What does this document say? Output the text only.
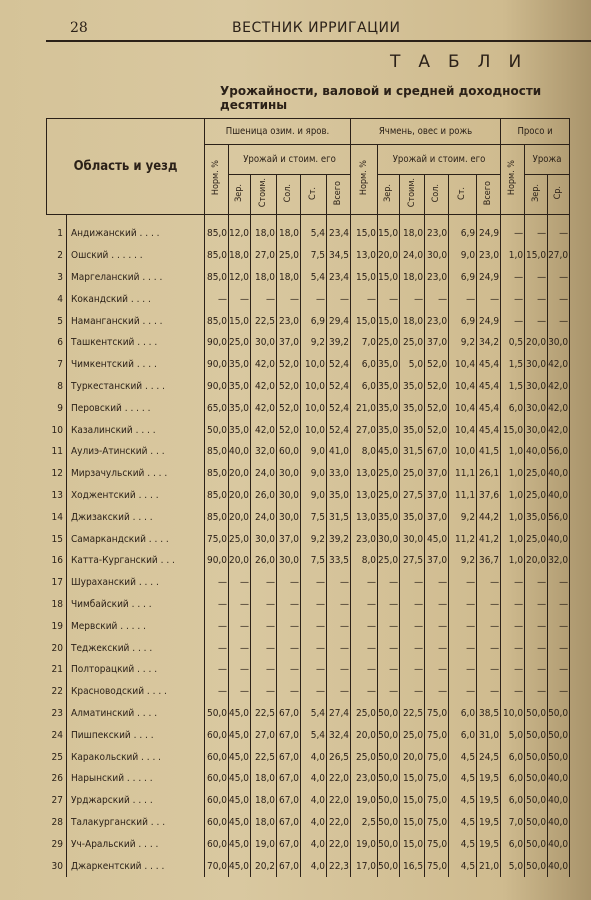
28	ВЕСТНИК ИРРИГАЦИИ
ТАБЛИ
Урожайности, валовой и средней доходности десятины
Область и уезд		Пшеница озим. и яров.						Ячмень, овес и рожь						Просо и		
		Норм. %	Урожай и стоим. его					Норм. %	Урожай и стоим. его					Норм. %	Урожа	
			Зер.	Стоим.	Сол.	Ст.	Всего		Зер.	Стоим.	Сол.	Ст.	Всего		Зер.	Ср.

1	Андижанский . . . .	85,0	12,0	18,0	18,0	5,4	23,4	15,0	15,0	18,0	23,0	6,9	24,9	—	—	—
2	Ошский . . . . . .	85,0	18,0	27,0	25,0	7,5	34,5	13,0	20,0	24,0	30,0	9,0	23,0	1,0	15,0	27,0
3	Маргеланский . . . .	85,0	12,0	18,0	18,0	5,4	23,4	15,0	15,0	18,0	23,0	6,9	24,9	—	—	—
4	Кокандский . . . .	—	—	—	—	—	—	—	—	—	—	—	—	—	—	—
5	Наманганский . . . .	85,0	15,0	22,5	23,0	6,9	29,4	15,0	15,0	18,0	23,0	6,9	24,9	—	—	—
6	Ташкентский . . . .	90,0	25,0	30,0	37,0	9,2	39,2	7,0	25,0	25,0	37,0	9,2	34,2	0,5	20,0	30,0
7	Чимкентский . . . .	90,0	35,0	42,0	52,0	10,0	52,4	6,0	35,0	5,0	52,0	10,4	45,4	1,5	30,0	42,0
8	Туркестанский . . . .	90,0	35,0	42,0	52,0	10,0	52,4	6,0	35,0	35,0	52,0	10,4	45,4	1,5	30,0	42,0
9	Перовский . . . . .	65,0	35,0	42,0	52,0	10,0	52,4	21,0	35,0	35,0	52,0	10,4	45,4	6,0	30,0	42,0
10	Казалинский . . . .	50,0	35,0	42,0	52,0	10,0	52,4	27,0	35,0	35,0	52,0	10,4	45,4	15,0	30,0	42,0
11	Аулиэ-Атинский . . .	85,0	40,0	32,0	60,0	9,0	41,0	8,0	45,0	31,5	67,0	10,0	41,5	1,0	40,0	56,0
12	Мирзачульский . . . .	85,0	20,0	24,0	30,0	9,0	33,0	13,0	25,0	25,0	37,0	11,1	26,1	1,0	25,0	40,0
13	Ходжентский . . . .	85,0	20,0	26,0	30,0	9,0	35,0	13,0	25,0	27,5	37,0	11,1	37,6	1,0	25,0	40,0
14	Джизакский . . . .	85,0	20,0	24,0	30,0	7,5	31,5	13,0	35,0	35,0	37,0	9,2	44,2	1,0	35,0	56,0
15	Самаркандский . . . .	75,0	25,0	30,0	37,0	9,2	39,2	23,0	30,0	30,0	45,0	11,2	41,2	1,0	25,0	40,0
16	Катта-Курганский . . .	90,0	20,0	26,0	30,0	7,5	33,5	8,0	25,0	27,5	37,0	9,2	36,7	1,0	20,0	32,0
17	Шураханский . . . .	—	—	—	—	—	—	—	—	—	—	—	—	—	—	—
18	Чимбайский . . . .	—	—	—	—	—	—	—	—	—	—	—	—	—	—	—
19	Мервский . . . . .	—	—	—	—	—	—	—	—	—	—	—	—	—	—	—
20	Теджекский . . . .	—	—	—	—	—	—	—	—	—	—	—	—	—	—	—
21	Полторацкий . . . .	—	—	—	—	—	—	—	—	—	—	—	—	—	—	—
22	Красноводский . . . .	—	—	—	—	—	—	—	—	—	—	—	—	—	—	—
23	Алматинский . . . .	50,0	45,0	22,5	67,0	5,4	27,4	25,0	50,0	22,5	75,0	6,0	38,5	10,0	50,0	50,0
24	Пишпекский . . . .	60,0	45,0	27,0	67,0	5,4	32,4	20,0	50,0	25,0	75,0	6,0	31,0	5,0	50,0	50,0
25	Каракольский . . . .	60,0	45,0	22,5	67,0	4,0	26,5	25,0	50,0	20,0	75,0	4,5	24,5	6,0	50,0	50,0
26	Нарынский . . . . .	60,0	45,0	18,0	67,0	4,0	22,0	23,0	50,0	15,0	75,0	4,5	19,5	6,0	50,0	40,0
27	Урджарский . . . .	60,0	45,0	18,0	67,0	4,0	22,0	19,0	50,0	15,0	75,0	4,5	19,5	6,0	50,0	40,0
28	Талакурганский . . .	60,0	45,0	18,0	67,0	4,0	22,0	2,5	50,0	15,0	75,0	4,5	19,5	7,0	50,0	40,0
29	Уч-Аральский . . . .	60,0	45,0	19,0	67,0	4,0	22,0	19,0	50,0	15,0	75,0	4,5	19,5	6,0	50,0	40,0
30	Джаркентский . . . .	70,0	45,0	20,2	67,0	4,0	22,3	17,0	50,0	16,5	75,0	4,5	21,0	5,0	50,0	40,0
